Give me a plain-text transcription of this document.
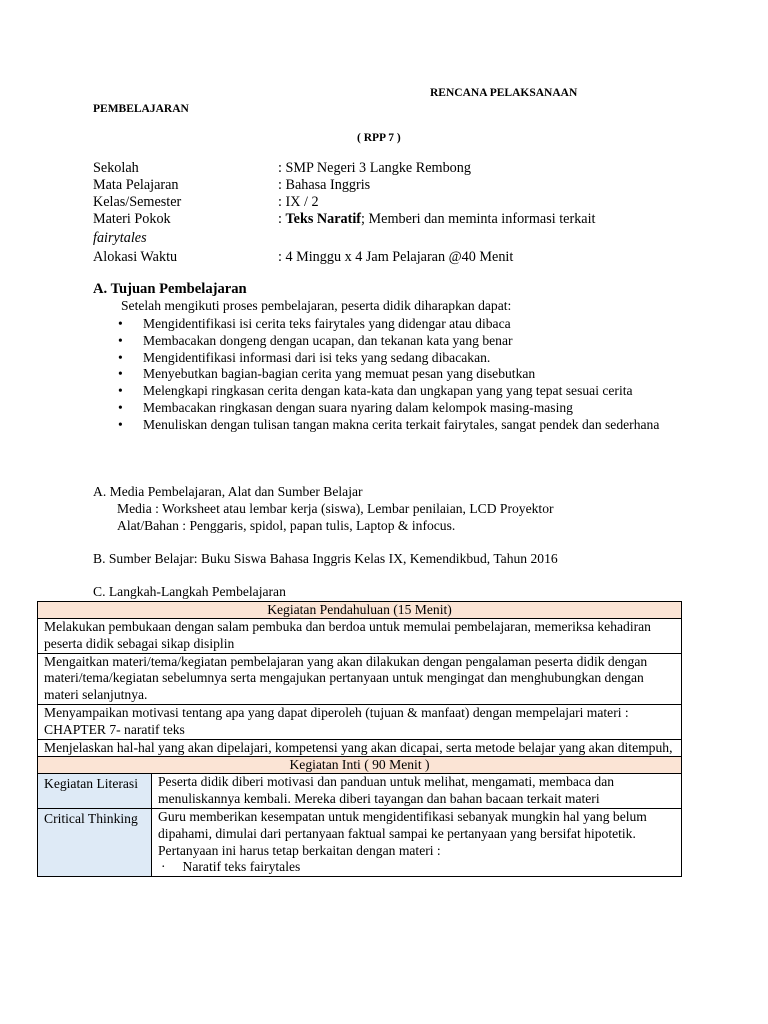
RENCANA PELAKSANAAN
PEMBELAJARAN
( RPP 7 )
Sekolah	: SMP Negeri 3 Langke Rembong
Mata Pelajaran	: Bahasa Inggris
Kelas/Semester	: IX / 2
Materi Pokok	: Teks Naratif; Memberi dan meminta informasi terkait
fairytales
Alokasi Waktu	: 4 Minggu x 4 Jam Pelajaran @40 Menit
A. Tujuan Pembelajaran
Setelah mengikuti proses pembelajaran, peserta didik diharapkan dapat:
• Mengidentifikasi isi cerita teks fairytales yang didengar atau dibaca
• Membacakan dongeng dengan ucapan, dan tekanan kata yang benar
• Mengidentifikasi informasi dari isi teks yang sedang dibacakan.
• Menyebutkan bagian-bagian cerita yang memuat pesan yang disebutkan
• Melengkapi ringkasan cerita dengan kata-kata dan ungkapan yang yang tepat sesuai cerita
• Membacakan ringkasan dengan suara nyaring dalam kelompok masing-masing
• Menuliskan dengan tulisan tangan makna cerita terkait fairytales, sangat pendek dan sederhana
A. Media Pembelajaran, Alat dan Sumber Belajar
Media : Worksheet atau lembar kerja (siswa), Lembar penilaian, LCD Proyektor
Alat/Bahan : Penggaris, spidol, papan tulis, Laptop & infocus.
B. Sumber Belajar: Buku Siswa Bahasa Inggris Kelas IX, Kemendikbud, Tahun 2016
C. Langkah-Langkah Pembelajaran
Kegiatan Pendahuluan (15 Menit)	
Melakukan pembukaan dengan salam pembuka dan berdoa untuk memulai pembelajaran, memeriksa kehadiran peserta didik sebagai sikap disiplin	
Mengaitkan materi/tema/kegiatan pembelajaran yang akan dilakukan dengan pengalaman peserta didik dengan materi/tema/kegiatan sebelumnya serta mengajukan pertanyaan untuk mengingat dan menghubungkan dengan materi selanjutnya.	

Menyampaikan motivasi tentang apa yang dapat diperoleh (tujuan & manfaat) dengan mempelajari materi :
CHAPTER 7- naratif teks	

Menjelaskan hal-hal yang akan dipelajari, kompetensi yang akan dicapai, serta metode belajar yang akan ditempuh,	
Kegiatan Inti ( 90 Menit )	
Kegiatan Literasi	Peserta didik diberi motivasi dan panduan untuk melihat, mengamati, membaca dan menuliskannya kembali. Mereka diberi tayangan dan bahan bacaan terkait materi
Critical Thinking	Guru memberikan kesempatan untuk mengidentifikasi sebanyak mungkin hal yang belum dipahami, dimulai dari pertanyaan faktual sampai ke pertanyaan yang bersifat hipotetik. Pertanyaan ini harus tetap berkaitan dengan materi :
· Naratif teks fairytales
